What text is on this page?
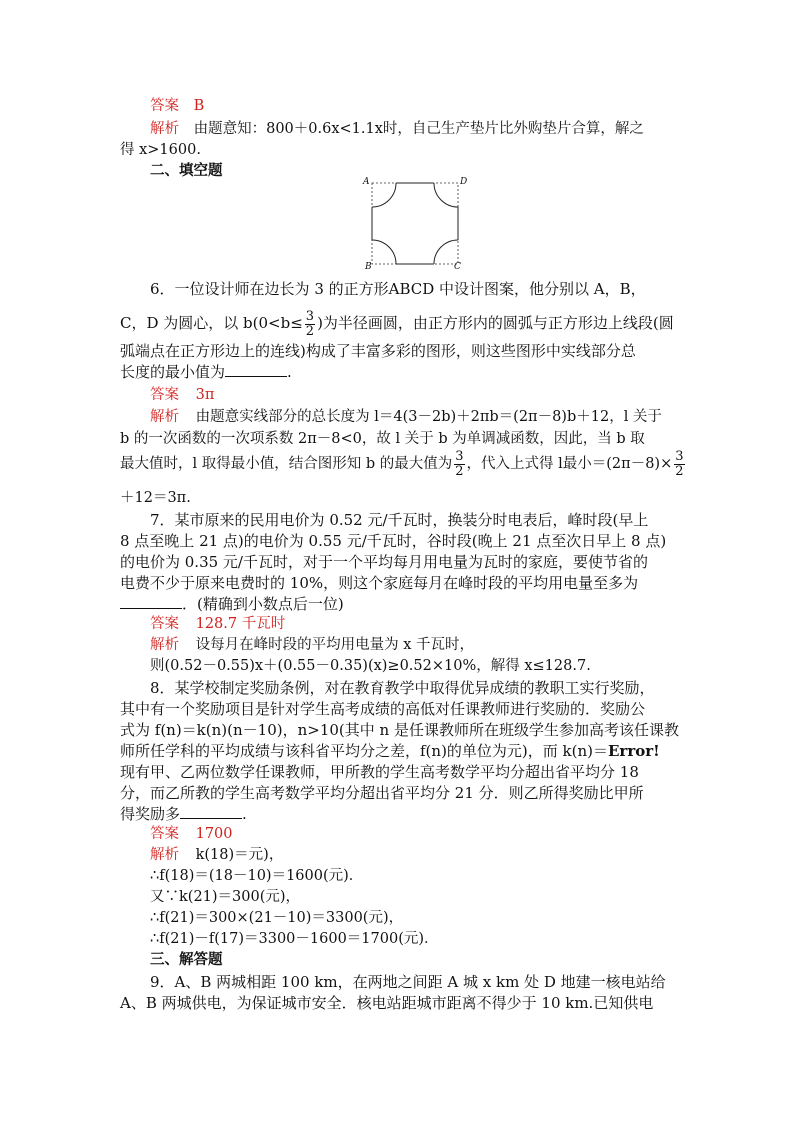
答案 B
解析 由题意知：800＋0.6x<1.1x时，自己生产垫片比外购垫片合算，解之
得 x>1600.
二、填空题
A	D
B	C
6．一位设计师在边长为 3 的正方形ABCD 中设计图案，他分别以 A，B，
C，D 为圆心，以 $b(0<b\le \frac{3}{2}$ )为半径画圆，由正方形内的圆弧与正方形边上线段(圆
弧端点在正方形边上的连线)构成了丰富多彩的图形，则这些图形中实线部分总
长度的最小值为	.
答案 3π
解析 由题意实线部分的总长度为 l＝4(3－2b)＋2πb＝(2π－8)b＋12，l 关于
b 的一次函数的一次项系数 2π－8<0，故 l 关于 b 为单调减函数，因此，当 b 取
最大值时，l 取得最小值，结合图形知 b 的最大值为 $\frac{3}{2}$ ，代入上式得 l最小$=(2\pi-8)\times \frac{3}{2}$
＋12＝3π.
7．某市原来的民用电价为 0.52 元/千瓦时，换装分时电表后，峰时段(早上
8 点至晚上 21 点)的电价为 0.55 元/千瓦时，谷时段(晚上 21 点至次日早上 8 点)
的电价为 0.35 元/千瓦时，对于一个平均每月用电量为瓦时的家庭，要使节省的
电费不少于原来电费时的 10%，则这个家庭每月在峰时段的平均用电量至多为
．(精确到小数点后一位)
答案 128.7 千瓦时
解析 设每月在峰时段的平均用电量为 x 千瓦时，
则(0.52－0.55)x＋(0.55－0.35)(x)≥0.52×10%，解得 x≤128.7.
8．某学校制定奖励条例，对在教育教学中取得优异成绩的教职工实行奖励，
其中有一个奖励项目是针对学生高考成绩的高低对任课教师进行奖励的．奖励公
式为 f(n)＝k(n)(n－10)，n>10(其中 n 是任课教师所在班级学生参加高考该任课教
师所任学科的平均成绩与该科省平均分之差，f(n)的单位为元)，而 k(n)＝Error!
现有甲、乙两位数学任课教师，甲所教的学生高考数学平均分超出省平均分 18
分，而乙所教的学生高考数学平均分超出省平均分 21 分．则乙所得奖励比甲所
得奖励多	.
答案 1700
解析 k(18)＝元)，
∴f(18)＝(18－10)＝1600(元)．
又∵k(21)＝300(元)，
∴f(21)＝300×(21－10)＝3300(元)，
∴f(21)－f(17)＝3300－1600＝1700(元)．
三、解答题
9．A、B 两城相距 100 km，在两地之间距 A 城 x km 处 D 地建一核电站给
A、B 两城供电，为保证城市安全．核电站距城市距离不得少于 10 km.已知供电
